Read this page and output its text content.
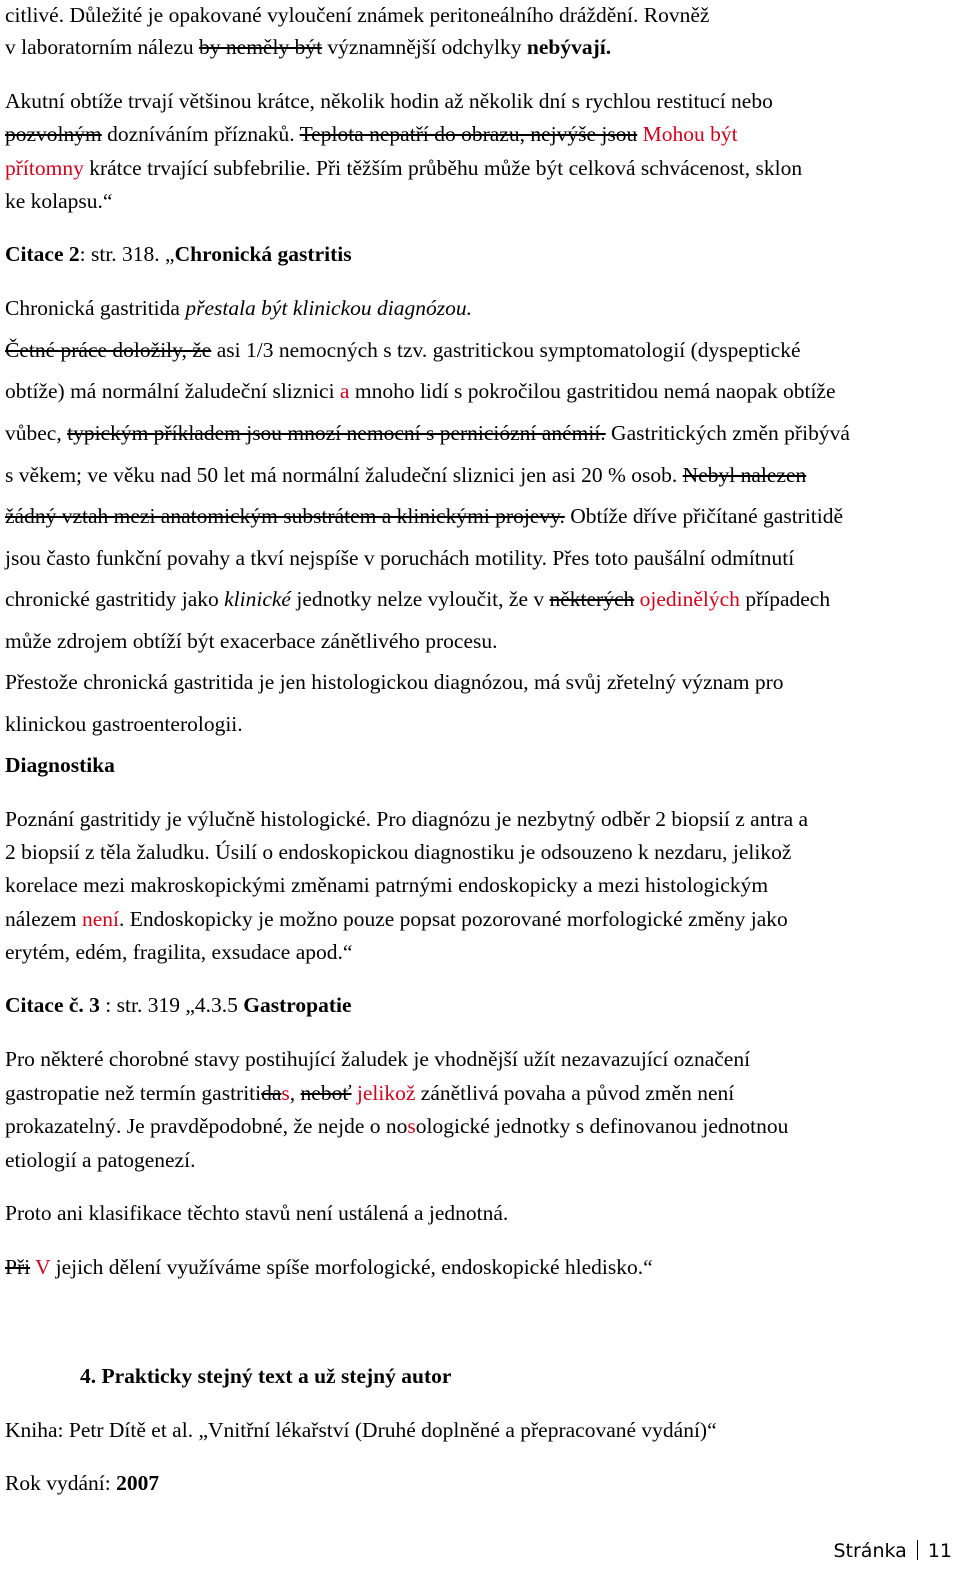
citlivé. Důležité je opakované vyloučení známek peritoneálního dráždění. Rovněž
v laboratorním nálezu by neměly být významnější odchylky nebývají.
Akutní obtíže trvají většinou krátce, několik hodin až několik dní s rychlou restitucí nebo
pozvolným dozníváním příznaků. Teplota nepatří do obrazu, nejvýše jsou Mohou být
přítomny krátce trvající subfebrilie. Při těžším průběhu může být celková schvácenost, sklon
ke kolapsu.“
Citace 2: str. 318. „Chronická gastritis
Chronická gastritida přestala být klinickou diagnózou.
Četné práce doložily, že asi 1/3 nemocných s tzv. gastritickou symptomatologií (dyspeptické
obtíže) má normální žaludeční sliznici a mnoho lidí s pokročilou gastritidou nemá naopak obtíže
vůbec, typickým příkladem jsou mnozí nemocní s perniciózní anémií. Gastritických změn přibývá
s věkem; ve věku nad 50 let má normální žaludeční sliznici jen asi 20 % osob. Nebyl nalezen
žádný vztah mezi anatomickým substrátem a klinickými projevy. Obtíže dříve přičítané gastritidě
jsou často funkční povahy a tkví nejspíše v poruchách motility. Přes toto paušální odmítnutí
chronické gastritidy jako klinické jednotky nelze vyloučit, že v některých ojedinělých případech
může zdrojem obtíží být exacerbace zánětlivého procesu.
Přestože chronická gastritida je jen histologickou diagnózou, má svůj zřetelný význam pro
klinickou gastroenterologii.
Diagnostika
Poznání gastritidy je výlučně histologické. Pro diagnózu je nezbytný odběr 2 biopsií z antra a
2 biopsií z těla žaludku. Úsilí o endoskopickou diagnostiku je odsouzeno k nezdaru, jelikož
korelace mezi makroskopickými změnami patrnými endoskopicky a mezi histologickým
nálezem není. Endoskopicky je možno pouze popsat pozorované morfologické změny jako
erytém, edém, fragilita, exsudace apod.“
Citace č. 3 : str. 319 „4.3.5 Gastropatie
Pro některé chorobné stavy postihující žaludek je vhodnější užít nezavazující označení
gastropatie než termín gastritidas, neboť jelikož zánětlivá povaha a původ změn není
prokazatelný. Je pravděpodobné, že nejde o nosologické jednotky s definovanou jednotnou
etiologií a patogenezí.
Proto ani klasifikace těchto stavů není ustálená a jednotná.
Při V jejich dělení využíváme spíše morfologické, endoskopické hledisko.“
4. Prakticky stejný text a už stejný autor
Kniha: Petr Dítě et al. „Vnitřní lékařství (Druhé doplněné a přepracované vydání)“
Rok vydání: 2007
Stránka 11
